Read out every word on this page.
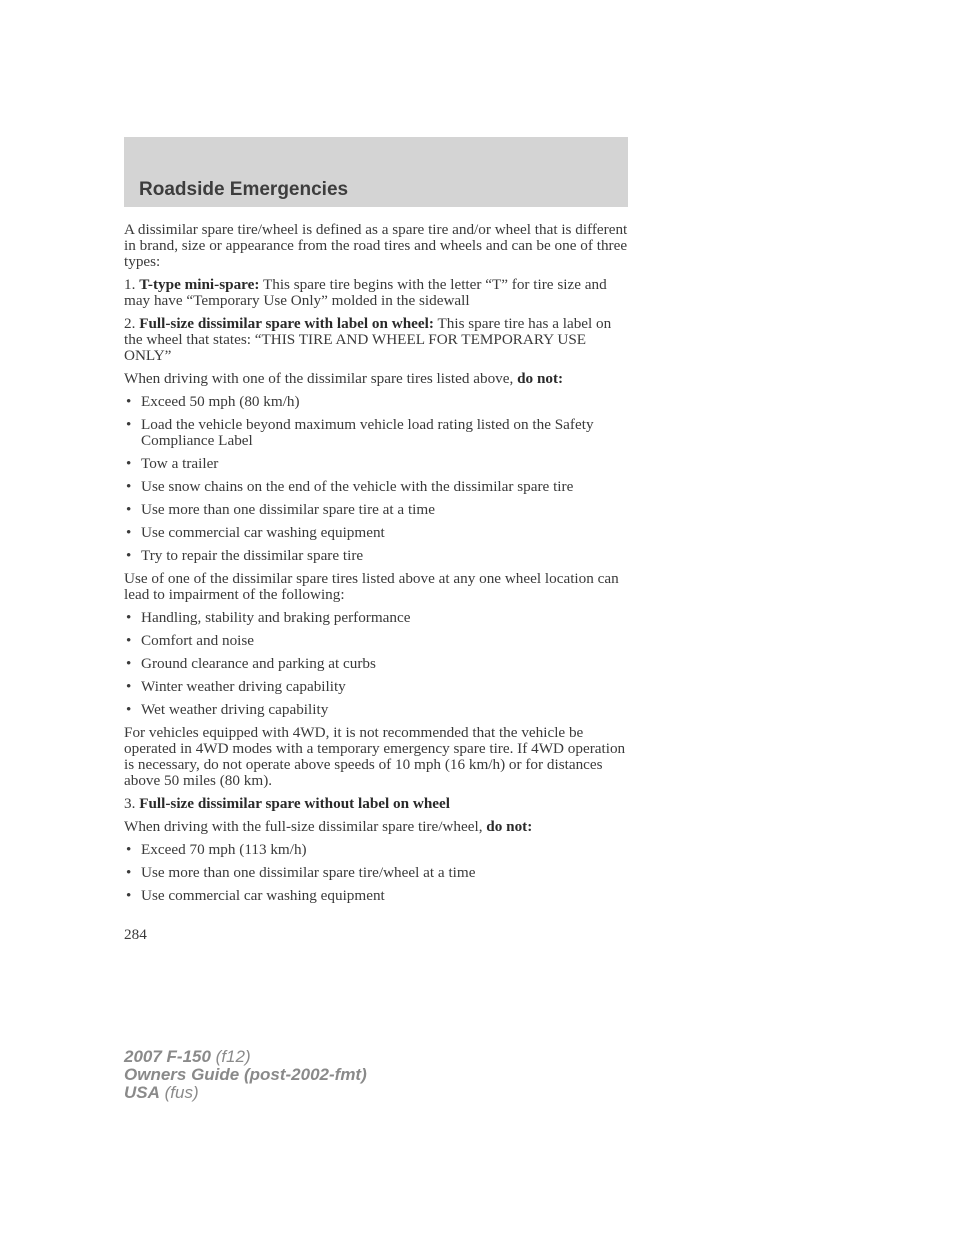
Roadside Emergencies

A dissimilar spare tire/wheel is defined as a spare tire and/or wheel that is different in brand, size or appearance from the road tires and wheels and can be one of three types:

1. T-type mini-spare: This spare tire begins with the letter “T” for tire size and may have “Temporary Use Only” molded in the sidewall

2. Full-size dissimilar spare with label on wheel: This spare tire has a label on the wheel that states: “THIS TIRE AND WHEEL FOR TEMPORARY USE ONLY”

When driving with one of the dissimilar spare tires listed above, do not:

• Exceed 50 mph (80 km/h)
• Load the vehicle beyond maximum vehicle load rating listed on the Safety Compliance Label
• Tow a trailer
• Use snow chains on the end of the vehicle with the dissimilar spare tire
• Use more than one dissimilar spare tire at a time
• Use commercial car washing equipment
• Try to repair the dissimilar spare tire

Use of one of the dissimilar spare tires listed above at any one wheel location can lead to impairment of the following:

• Handling, stability and braking performance
• Comfort and noise
• Ground clearance and parking at curbs
• Winter weather driving capability
• Wet weather driving capability

For vehicles equipped with 4WD, it is not recommended that the vehicle be operated in 4WD modes with a temporary emergency spare tire. If 4WD operation is necessary, do not operate above speeds of 10 mph (16 km/h) or for distances above 50 miles (80 km).

3. Full-size dissimilar spare without label on wheel

When driving with the full-size dissimilar spare tire/wheel, do not:

• Exceed 70 mph (113 km/h)
• Use more than one dissimilar spare tire/wheel at a time
• Use commercial car washing equipment
284
2007 F-150 (f12)
Owners Guide (post-2002-fmt)
USA (fus)
